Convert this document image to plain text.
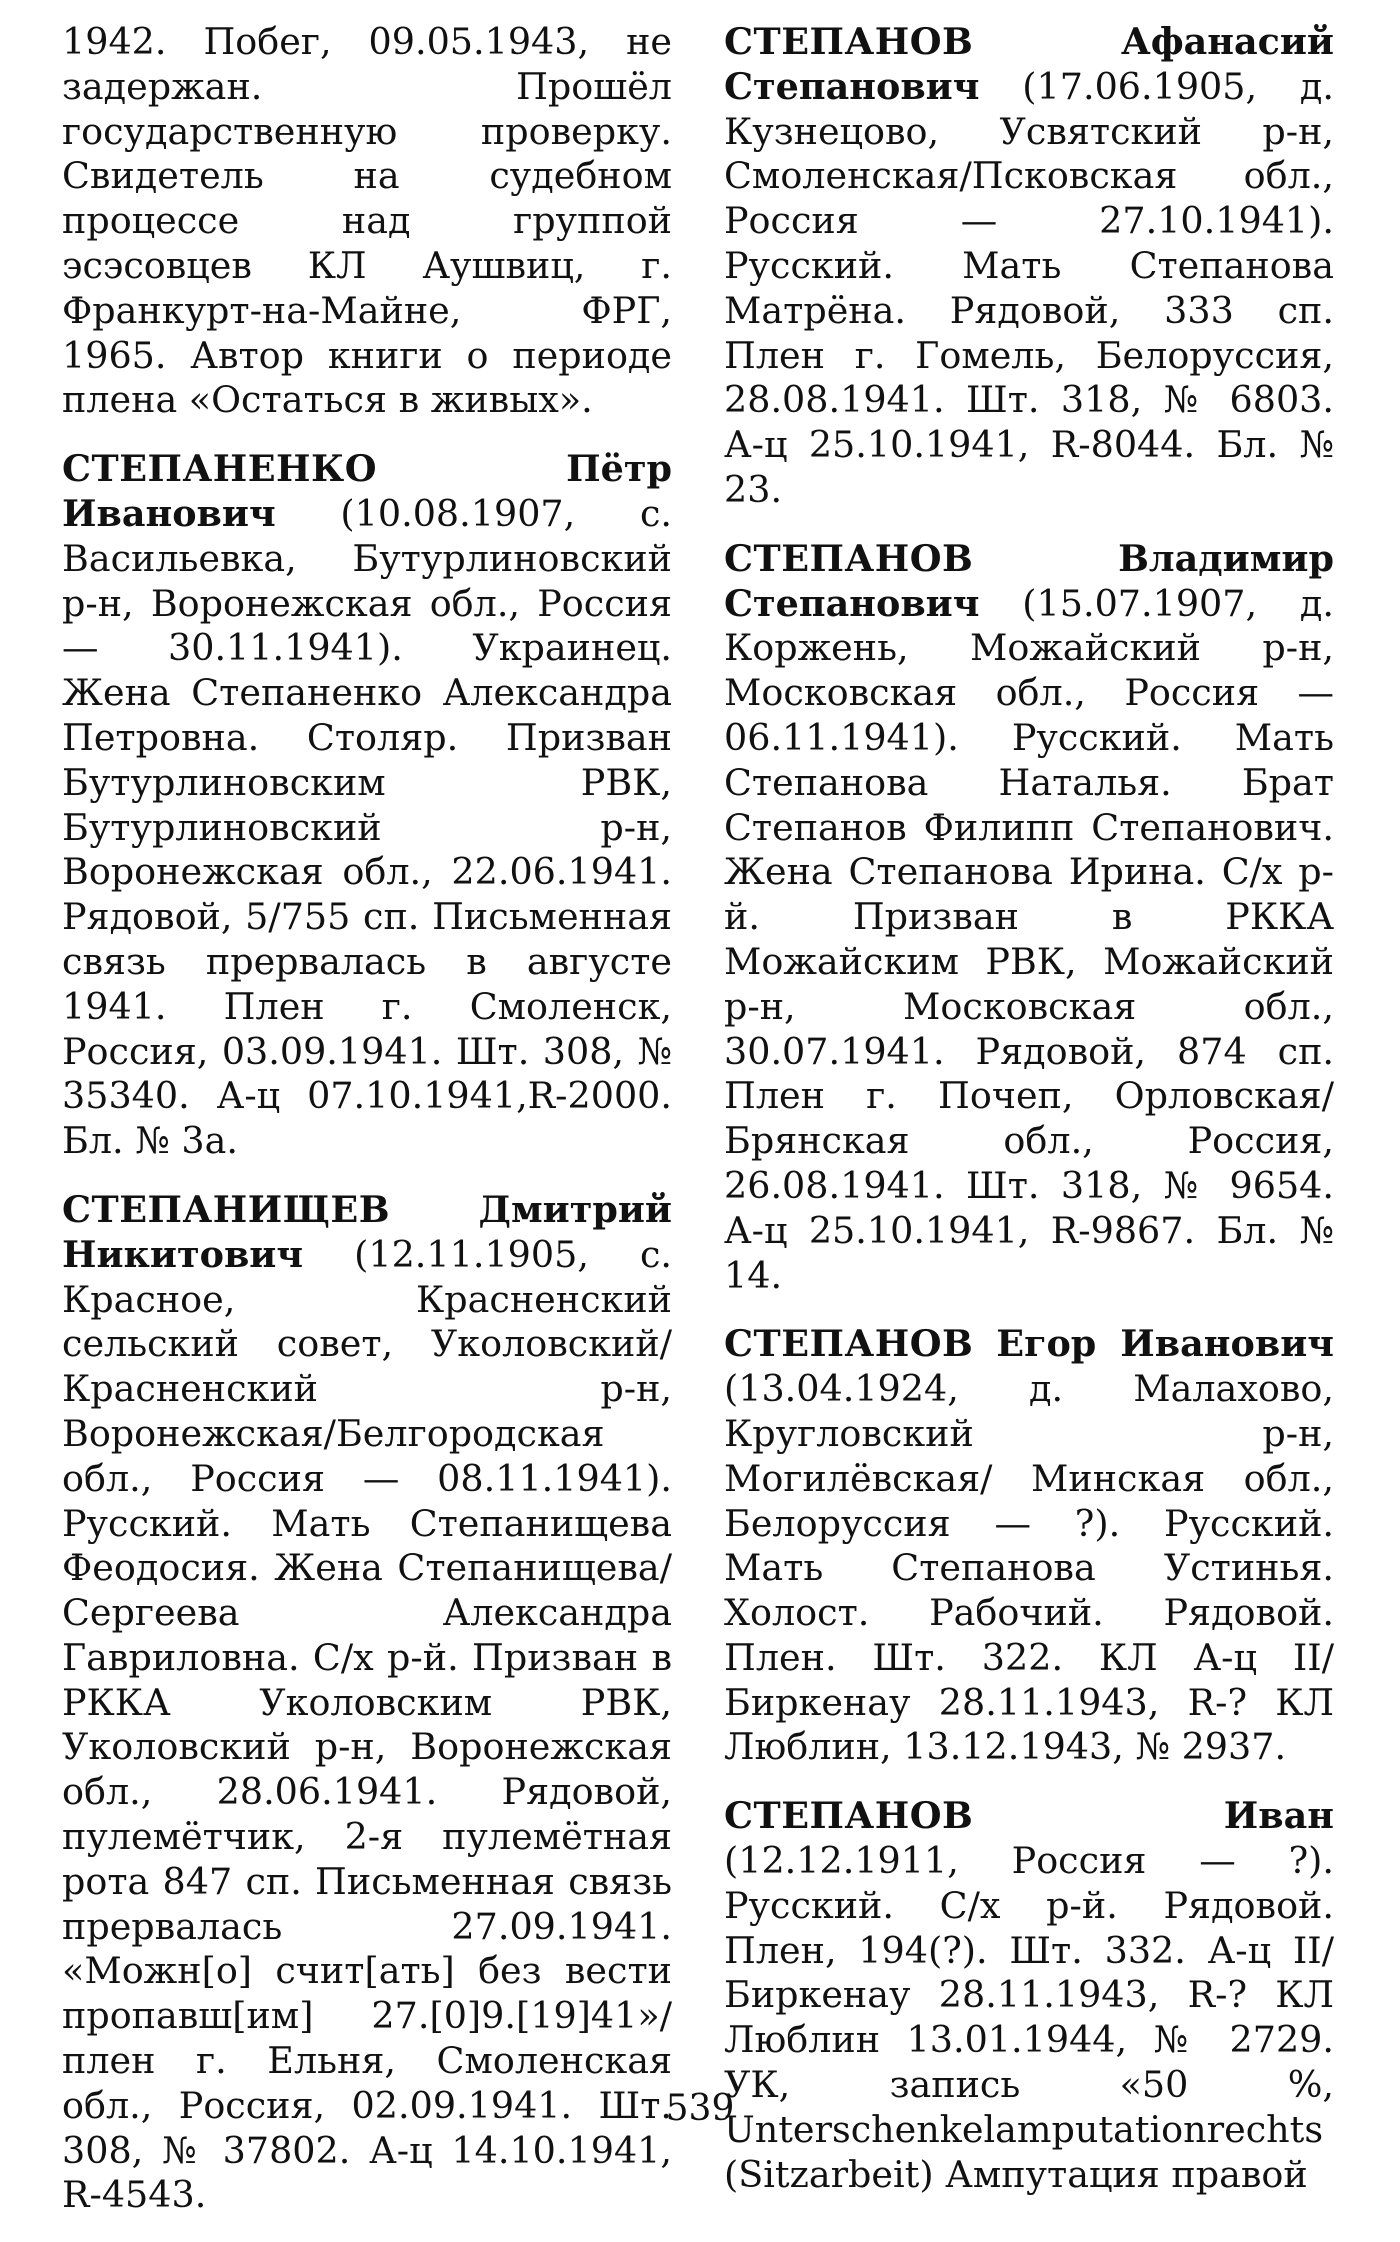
1942. Побег, 09.05.1943, не задержан. Прошёл государственную проверку. Свидетель на судебном процессе над группой эсэсовцев КЛ Аушвиц, г. Франкурт-на-Майне, ФРГ, 1965. Автор книги о периоде плена «Остаться в живых».

СТЕПАНЕНКО	Пётр Иванович (10.08.1907, с. Васильевка, Бутурлиновский р-н, Воронежская обл., Россия — 30.11.1941). Украинец. Жена Степаненко Александра Петровна. Столяр. Призван Бутурлиновским РВК, Бутурлиновский р-н, Воронежская обл., 22.06.1941. Рядовой, 5/755 сп. Письменная связь прервалась в августе 1941. Плен г. Смоленск, Россия, 03.09.1941. Шт. 308, № 35340. А-ц 07.10.1941,R-2000. Бл. № 3а.

СТЕПАНИЩЕВ Дмитрий Никитович (12.11.1905, с. Красное, Красненский сельский совет, Уколовский/Красненский р-н, Воронежская/Белгородская обл., Россия — 08.11.1941). Русский. Мать Степанищева Феодосия. Жена Степанищева/Сергеева Александра Гавриловна. С/х р-й. Призван в РККА Уколовским РВК, Уколовский р-н, Воронежская обл., 28.06.1941. Рядовой, пулемётчик, 2-я пулемётная рота 847 сп. Письменная связь прервалась 27.09.1941. «Можн[о] счит[ать] без вести пропавш[им] 27.[0]9.[19]41»/ плен г. Ельня, Смоленская обл., Россия, 02.09.1941. Шт. 308, № 37802. А-ц 14.10.1941, R-4543.

СТЕПАНОВ	Афанасий Степанович (17.06.1905, д. Кузнецово, Усвятский р-н, Смоленская/Псковская обл., Россия — 27.10.1941). Русский. Мать Степанова Матрёна. Рядовой, 333 сп. Плен г. Гомель, Белоруссия, 28.08.1941. Шт. 318, № 6803. А-ц 25.10.1941, R-8044. Бл. № 23.

СТЕПАНОВ	Владимир Степанович (15.07.1907, д. Коржень, Можайский р-н, Московская обл., Россия — 06.11.1941). Русский. Мать Степанова Наталья. Брат Степанов Филипп Степанович. Жена Степанова Ирина. С/х р-й. Призван в РККА Можайским РВК, Можайский р-н, Московская обл., 30.07.1941. Рядовой, 874 сп. Плен г. Почеп, Орловская/Брянская обл., Россия, 26.08.1941. Шт. 318, № 9654. А-ц 25.10.1941, R-9867. Бл. № 14.

СТЕПАНОВ Егор Иванович (13.04.1924, д. Малахово, Кругловский р-н, Могилёвская/ Минская обл., Белоруссия — ?). Русский. Мать Степанова Устинья. Холост. Рабочий. Рядовой. Плен. Шт. 322. КЛ А-ц II/Биркенау 28.11.1943, R-? КЛ Люблин, 13.12.1943, № 2937.

СТЕПАНОВ	Иван (12.12.1911, Россия — ?). Русский. С/х р-й. Рядовой. Плен, 194(?). Шт. 332. А-ц II/Биркенау 28.11.1943, R-? КЛ Люблин 13.01.1944, № 2729. УК, запись «50 %, Unterschenkelamputationrechts (Sitzarbeit) Ампутация правой

539
